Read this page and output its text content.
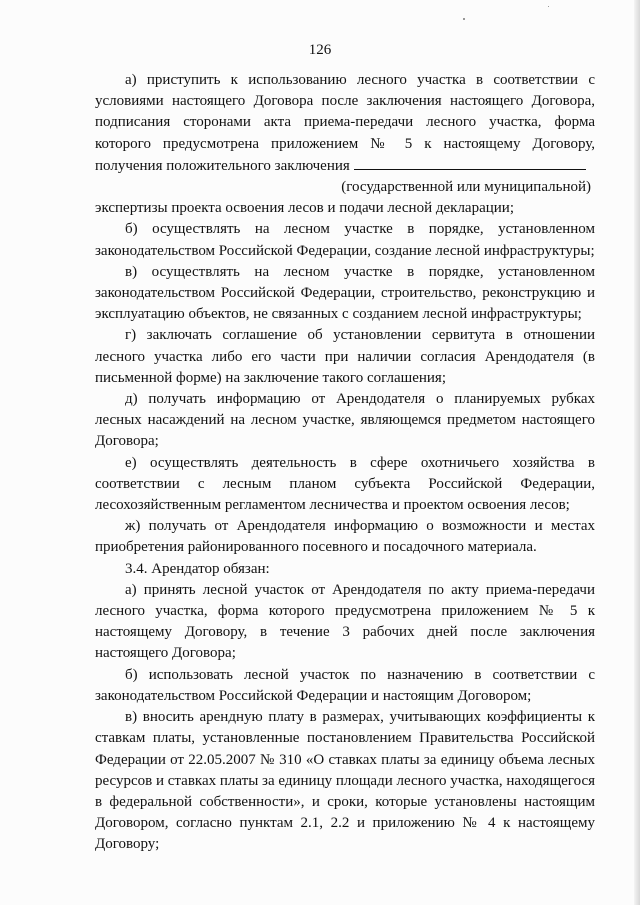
126

а) приступить к использованию лесного участка в соответствии с условиями настоящего Договора после заключения настоящего Договора, подписания сторонами акта приема-передачи лесного участка, форма которого предусмотрена приложением № 5 к настоящему Договору, получения положительного заключения

(государственной или муниципальной)

экспертизы проекта освоения лесов и подачи лесной декларации;

б) осуществлять на лесном участке в порядке, установленном законодательством Российской Федерации, создание лесной инфраструктуры;

в) осуществлять на лесном участке в порядке, установленном законодательством Российской Федерации, строительство, реконструкцию и эксплуатацию объектов, не связанных с созданием лесной инфраструктуры;

г) заключать соглашение об установлении сервитута в отношении лесного участка либо его части при наличии согласия Арендодателя (в письменной форме) на заключение такого соглашения;

д) получать информацию от Арендодателя о планируемых рубках лесных насаждений на лесном участке, являющемся предметом настоящего Договора;

е) осуществлять деятельность в сфере охотничьего хозяйства в соответствии с лесным планом субъекта Российской Федерации, лесохозяйственным регламентом лесничества и проектом освоения лесов;

ж) получать от Арендодателя информацию о возможности и местах приобретения районированного посевного и посадочного материала.

3.4. Арендатор обязан:

а) принять лесной участок от Арендодателя по акту приема-передачи лесного участка, форма которого предусмотрена приложением № 5 к настоящему Договору, в течение 3 рабочих дней после заключения настоящего Договора;

б) использовать лесной участок по назначению в соответствии с законодательством Российской Федерации и настоящим Договором;

в) вносить арендную плату в размерах, учитывающих коэффициенты к ставкам платы, установленные постановлением Правительства Российской Федерации от 22.05.2007 № 310 «О ставках платы за единицу объема лесных ресурсов и ставках платы за единицу площади лесного участка, находящегося в федеральной собственности», и сроки, которые установлены настоящим Договором, согласно пунктам 2.1, 2.2 и приложению № 4 к настоящему Договору;
